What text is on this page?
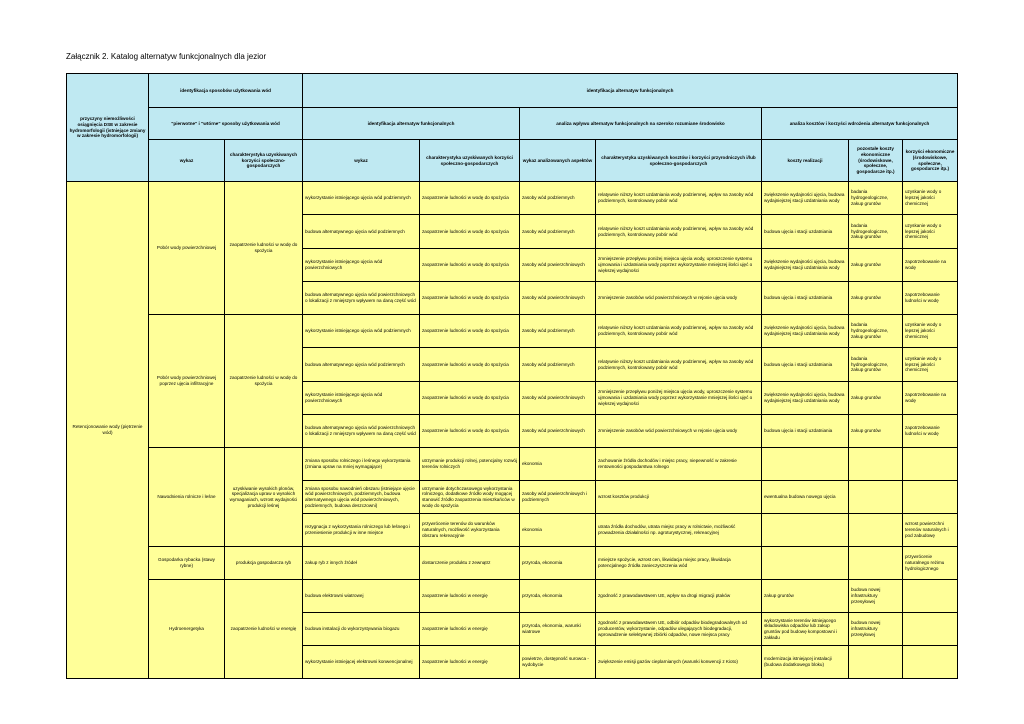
Załącznik 2. Katalog alternatyw funkcjonalnych dla jezior
przyczyny niemożliwości osiągnięcia DSE w zakresie hydromorfologii (istniejące zmiany w zakresie hydromorfologii)	identyfikacja sposobów użytkowania wód		identyfikacja alternatyw funkcjonalnych						
	"pierwotne" i "wtórne" sposoby użytkowania wód		identyfikacja alternatyw funkcjonalnych		analiza wpływu alternatyw funkcjonalnych na szeroko rozumiane środowisko		analiza kosztów i korzyści wdrożenia alternatyw funkcjonalnych		
	wykaz	charakterystyka uzyskiwanych korzyści społeczno-gospodarczych	wykaz	charakterystyka uzyskiwanych korzyści społeczno-gospodarczych	wykaz analizowanych aspektów	charakterystyka uzyskiwanych kosztów i korzyści przyrodniczych i/lub społeczno-gospodarczych	koszty realizacji	pozostałe koszty ekonomiczne (środowiskowe, społeczne, gospodarcze itp.)	korzyści ekonomiczne (środowiskowe, społeczne, gospodarcze itp.)
Retencjonowanie wody (piętrzenie wód)	Pobór wody powierzchniowej	zaopatrzenie ludności w wodę do spożycia	wykorzystanie istniejącego ujęcia wód podziemnych	zaopatrzenie ludności w wodę do spożycia	zasoby wód podziemnych	relatywnie niższy koszt uzdatniania wody podziemnej, wpływ na zasoby wód podziemnych, kontrolowany pobór wód	zwiększenie wydajności ujęcia, budowa wydajniejszej stacji uzdatniania wody	badania hydrogeologiczne, zakup gruntów	uzyskanie wody o lepszej jakości chemicznej
			budowa alternatywnego ujęcia wód podziemnych	zaopatrzenie ludności w wodę do spożycia	zasoby wód podziemnych	relatywnie niższy koszt uzdatniania wody podziemnej, wpływ na zasoby wód podziemnych, kontrolowany pobór wód	budowa ujęcia i stacji uzdatniania	badania hydrogeologiczne, zakup gruntów	uzyskanie wody o lepszej jakości chemicznej
			wykorzystanie istniejącego ujęcia wód powierzchniowych	zaopatrzenie ludności w wodę do spożycia	zasoby wód powierzchniowych	zmniejszenie przepływu poniżej miejsca ujęcia wody, uproszczenie systemu ujmowania i uzdatniania wody poprzez wykorzystanie mniejszej ilości ujęć o większej wydajności	zwiększenie wydajności ujęcia, budowa wydajniejszej stacji uzdatniania wody	zakup gruntów	zapotrzebowanie na wodę
			budowa alternatywnego ujęcia wód powierzchniowych o lokalizacji z mniejszym wpływem na daną część wód	zaopatrzenie ludności w wodę do spożycia	zasoby wód powierzchniowych	zmniejszenie zasobów wód powierzchniowych w rejonie ujęcia wody	budowa ujęcia i stacji uzdatniania	zakup gruntów	zapotrzebowanie ludności w wodę
	Pobór wody powierzchniowej poprzez ujęcia infiltracyjne	zaopatrzenie ludności w wodę do spożycia	wykorzystanie istniejącego ujęcia wód podziemnych	zaopatrzenie ludności w wodę do spożycia	zasoby wód podziemnych	relatywnie niższy koszt uzdatniania wody podziemnej, wpływ na zasoby wód podziemnych, kontrolowany pobór wód	zwiększenie wydajności ujęcia, budowa wydajniejszej stacji uzdatniania wody	badania hydrogeologiczne, zakup gruntów	uzyskanie wody o lepszej jakości chemicznej
			budowa alternatywnego ujęcia wód podziemnych	zaopatrzenie ludności w wodę do spożycia	zasoby wód podziemnych	relatywnie niższy koszt uzdatniania wody podziemnej, wpływ na zasoby wód podziemnych, kontrolowany pobór wód	budowa ujęcia i stacji uzdatniania	badania hydrogeologiczne, zakup gruntów	uzyskanie wody o lepszej jakości chemicznej
			wykorzystanie istniejącego ujęcia wód powierzchniowych	zaopatrzenie ludności w wodę do spożycia	zasoby wód powierzchniowych	zmniejszenie przepływu poniżej miejsca ujęcia wody, uproszczenie systemu ujmowania i uzdatniania wody poprzez wykorzystanie mniejszej ilości ujęć o większej wydajności	zwiększenie wydajności ujęcia, budowa wydajniejszej stacji uzdatniania wody	zakup gruntów	zapotrzebowanie na wodę
			budowa alternatywnego ujęcia wód powierzchniowych o lokalizacji z mniejszym wpływem na daną część wód	zaopatrzenie ludności w wodę do spożycia	zasoby wód powierzchniowych	zmniejszenie zasobów wód powierzchniowych w rejonie ujęcia wody	budowa ujęcia i stacji uzdatniania	zakup gruntów	zapotrzebowanie ludności w wodę
	Nawodnienia rolnicze i leśne	uzyskiwanie wysokich plonów, specjalizacja upraw o wysokich wymaganiach, wzrost wydajności produkcji leśnej	zmiana sposobu rolniczego i leśnego wykorzystania (zmiana upraw na mniej wymagające)	utrzymanie produkcji rolnej, potencjalny rozwój terenów rolniczych	ekonomia	zachowanie źródła dochodów i miejsc pracy, niepewność w zakresie rentowności gospodarstwa rolnego			
			zmiana sposobu nawodnień obszaru (istniejące ujęcie wód powierzchniowych, podziemnych, budowa alternatywnego ujęcia wód powierzchniowych, podziemnych, budowa deszczowni)	utrzymanie dotychczasowego wykorzystania rolniczego, dodatkowe źródło wody mogącej stanowić źródło zaopatrzenia mieszkańców w wodę do spożycia	zasoby wód powierzchniowych i podziemnych	wzrost kosztów produkcji	ewentualna budowa nowego ujęcia		
			rezygnacja z wykorzystania rolniczego lub leśnego i przeniesienie produkcji w inne miejsce	przywrócenie terenów do warunków naturalnych, możliwość wykorzystania obszaru rekreacyjnie	ekonomia	utrata źródła dochodów, utrata miejsc pracy w rolnictwie, możliwość prowadzenia działalności np. agroturystycznej, rekreacyjnej			wzrost powierzchni terenów naturalnych i pod zabudowę
	Gospodarka rybacka (stawy rybne)	produkcja gospodarcza ryb	zakup ryb z innych źródeł	dostarczenie produktu z zewnątrz	przyroda, ekonomia	mniejsze spożycie, wzrost cen, likwidacja miejsc pracy, likwidacja potencjalnego źródła zanieczyszczenia wód			przywrócenie naturalnego reżimu hydrologicznego
	Hydroenergetyka	zaopatrzenie ludności w energię	budowa elektrowni wiatrowej	zaopatrzenie ludności w energię	przyroda, ekonomia	zgodność z prawodawstwem UE, wpływ na drogi migracji ptaków	zakup gruntów	budowa nowej infrastruktury przesyłowej	
			budowa instalacji do wykorzystywania biogazu	zaopatrzenie ludności w energię	przyroda, ekonomia, warunki wiatrowe	zgodność z prawodawstwem UE, odbiór odpadów biodegradowalnych od producentów, wykorzystanie, odpadów ulegających biodegradacji, wprowadzenie selektywnej zbiórki odpadów, nowe miejsca pracy	wykorzystanie terenów istniejącego składowiska odpadów lub zakup gruntów pod budowę kompostowni i zakładu	budowa nowej infrastruktury przesyłowej	
			wykorzystanie istniejącej elektrowni konwencjonalnej	zaopatrzenie ludności w energię	powietrze, dostępność surowca - wydobycie	zwiększenie emisji gazów cieplarnianych (warunki konwencji z Kioto)	modernizacja istniejącej instalacji (budowa dodatkowego bloku)		
